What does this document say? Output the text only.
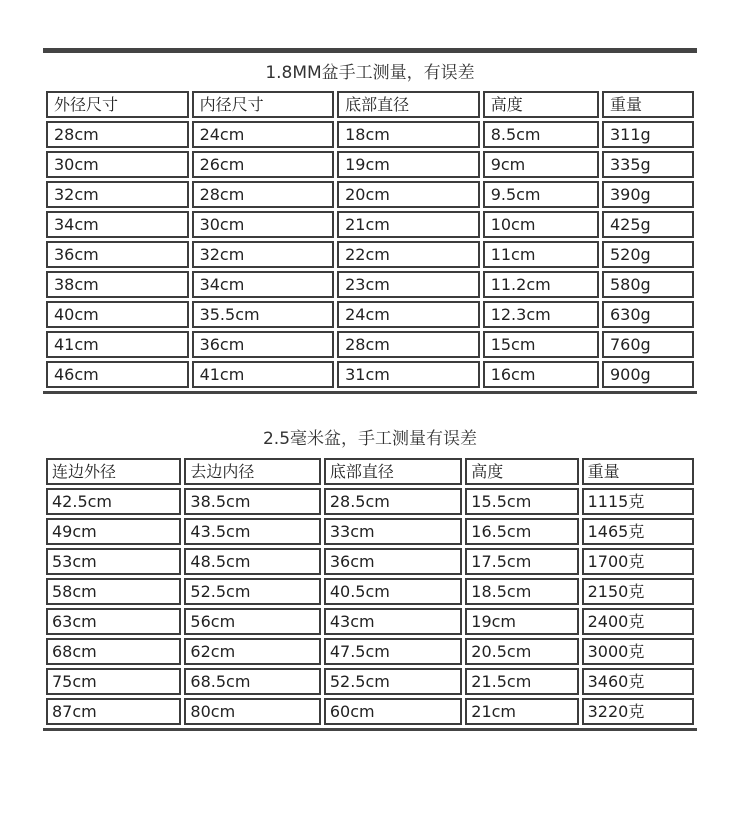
1.8MM盆手工测量，有误差
外径尺寸	内径尺寸	底部直径	高度	重量
28cm	24cm	18cm	8.5cm	311g
30cm	26cm	19cm	9cm	335g
32cm	28cm	20cm	9.5cm	390g
34cm	30cm	21cm	10cm	425g
36cm	32cm	22cm	11cm	520g
38cm	34cm	23cm	11.2cm	580g
40cm	35.5cm	24cm	12.3cm	630g
41cm	36cm	28cm	15cm	760g
46cm	41cm	31cm	16cm	900g
2.5毫米盆，手工测量有误差
连边外径	去边内径	底部直径	高度	重量
42.5cm	38.5cm	28.5cm	15.5cm	1115克
49cm	43.5cm	33cm	16.5cm	1465克
53cm	48.5cm	36cm	17.5cm	1700克
58cm	52.5cm	40.5cm	18.5cm	2150克
63cm	56cm	43cm	19cm	2400克
68cm	62cm	47.5cm	20.5cm	3000克
75cm	68.5cm	52.5cm	21.5cm	3460克
87cm	80cm	60cm	21cm	3220克
